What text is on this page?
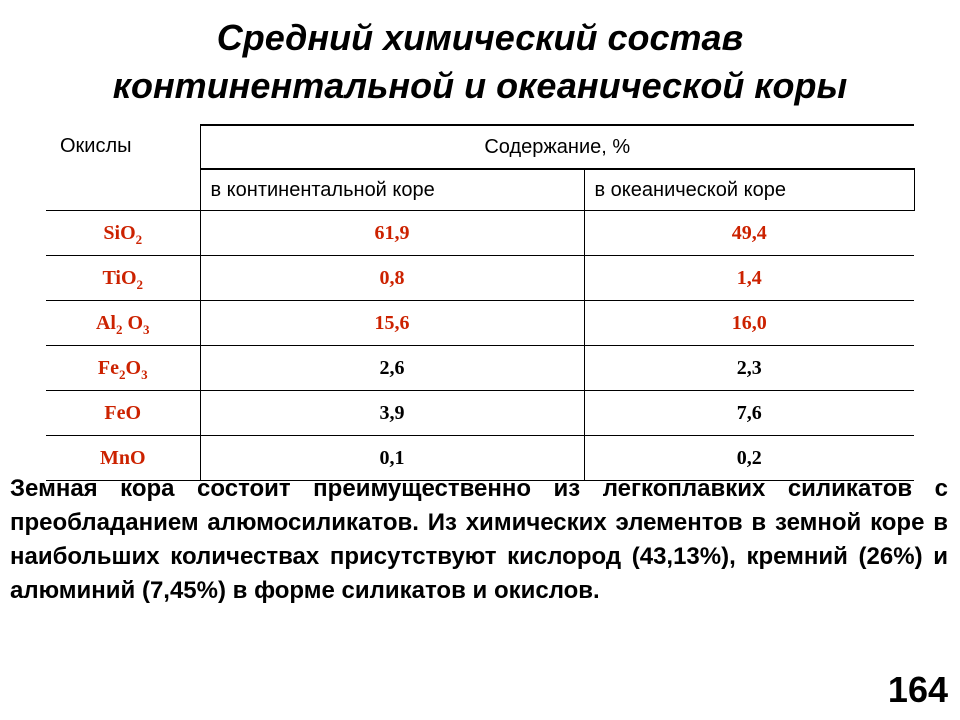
Средний химический состав
континентальной и океанической коры
Окислы	Содержание, %	
	в континентальной коре	в океанической коре
SiO$_2$	61,9	49,4
TiO$_2$	0,8	1,4
$Al_2$ $O_3$	15,6	16,0
$Fe_2O_3$	2,6	2,3
FeO	3,9	7,6
MnO	0,1	0,2

Земная кора состоит преимущественно из легкоплавких силикатов с преобладанием алюмосиликатов. Из химических элементов в земной коре в наибольших количествах присутствуют кислород (43,13%), кремний (26%) и алюминий (7,45%) в форме силикатов и окислов.

164
